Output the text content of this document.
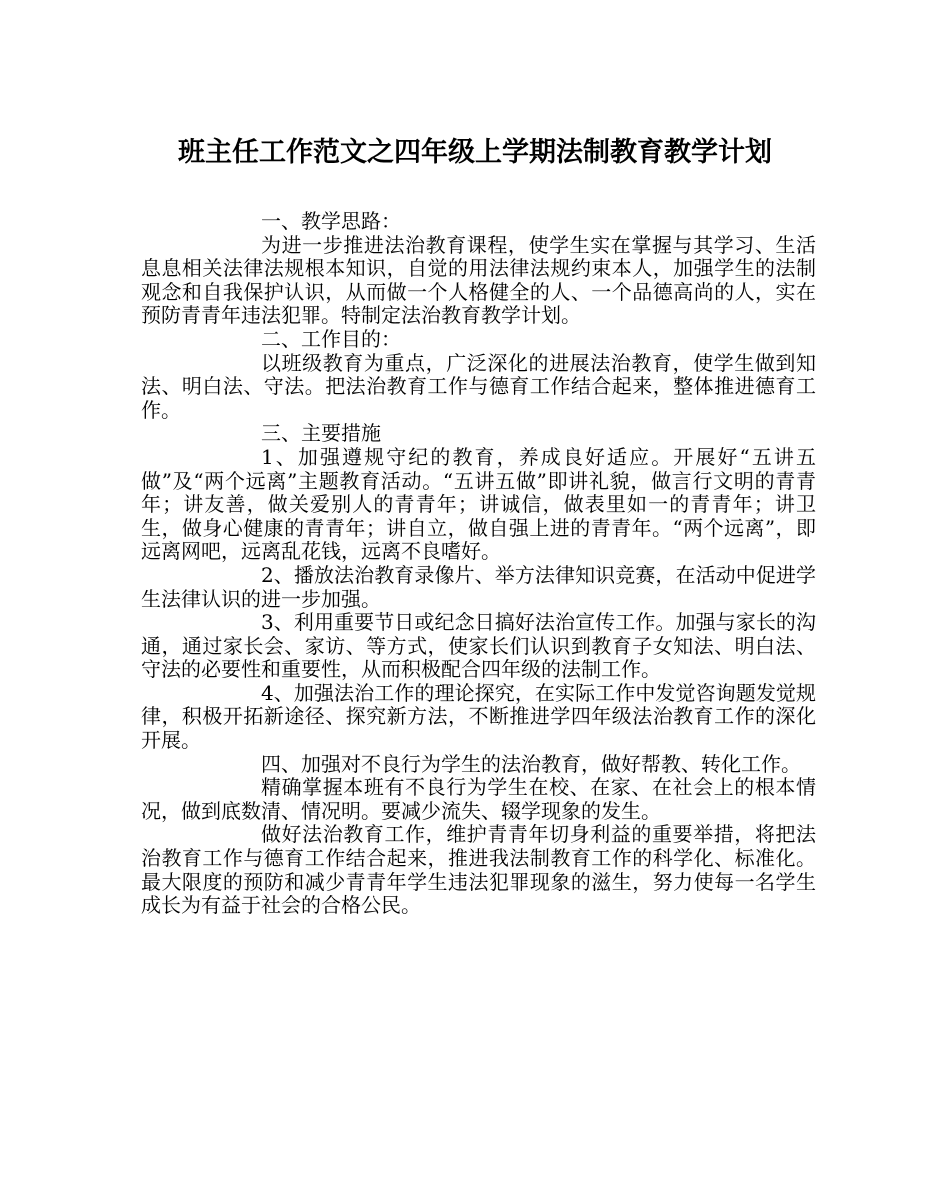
班主任工作范文之四年级上学期法制教育教学计划

一、教学思路：

为进一步推进法治教育课程，使学生实在掌握与其学习、生活息息相关法律法规根本知识，自觉的用法律法规约束本人，加强学生的法制观念和自我保护认识，从而做一个人格健全的人、一个品德高尚的人，实在预防青青年违法犯罪。特制定法治教育教学计划。

二、工作目的：

以班级教育为重点，广泛深化的进展法治教育，使学生做到知法、明白法、守法。把法治教育工作与德育工作结合起来，整体推进德育工作。

三、主要措施

1、加强遵规守纪的教育，养成良好适应。开展好“五讲五做”及“两个远离”主题教育活动。“五讲五做”即讲礼貌，做言行文明的青青年；讲友善，做关爱别人的青青年；讲诚信，做表里如一的青青年；讲卫生，做身心健康的青青年；讲自立，做自强上进的青青年。“两个远离”，即远离网吧，远离乱花钱，远离不良嗜好。

2、播放法治教育录像片、举方法律知识竞赛，在活动中促进学生法律认识的进一步加强。

3、利用重要节日或纪念日搞好法治宣传工作。加强与家长的沟通，通过家长会、家访、等方式，使家长们认识到教育子女知法、明白法、守法的必要性和重要性，从而积极配合四年级的法制工作。

4、加强法治工作的理论探究，在实际工作中发觉咨询题发觉规律，积极开拓新途径、探究新方法，不断推进学四年级法治教育工作的深化开展。

四、加强对不良行为学生的法治教育，做好帮教、转化工作。

精确掌握本班有不良行为学生在校、在家、在社会上的根本情况，做到底数清、情况明。要减少流失、辍学现象的发生。

做好法治教育工作，维护青青年切身利益的重要举措，将把法治教育工作与德育工作结合起来，推进我法制教育工作的科学化、标准化。最大限度的预防和减少青青年学生违法犯罪现象的滋生，努力使每一名学生成长为有益于社会的合格公民。
